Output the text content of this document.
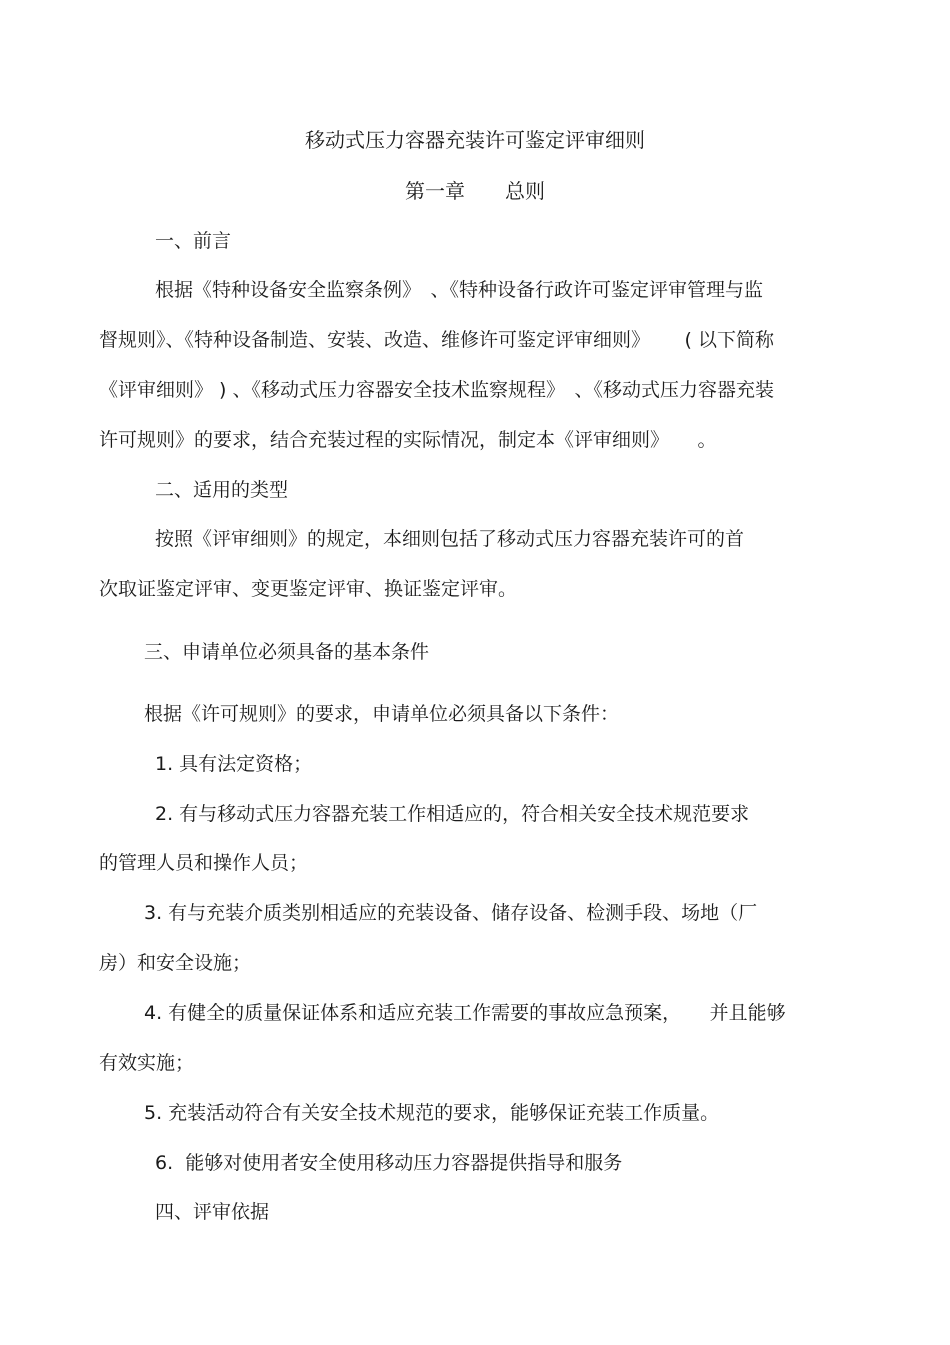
移动式压力容器充装许可鉴定评审细则
第一章　　总则
一、前言
根据《特种设备安全监察条例》　、《特种设备行政许可鉴定评审管理与监
督规则》、《特种设备制造、安装、改造、维修许可鉴定评审细则》　　 ( 以下简称
《评审细则》 ) 、《移动式压力容器安全技术监察规程》　、《移动式压力容器充装
许可规则》的要求，结合充装过程的实际情况，制定本《评审细则》　　。
二、适用的类型
按照《评审细则》的规定，本细则包括了移动式压力容器充装许可的首
次取证鉴定评审、变更鉴定评审、换证鉴定评审。
三、申请单位必须具备的基本条件
根据《许可规则》的要求，申请单位必须具备以下条件：
1. 具有法定资格；
2. 有与移动式压力容器充装工作相适应的，符合相关安全技术规范要求
的管理人员和操作人员；
3. 有与充装介质类别相适应的充装设备、储存设备、检测手段、场地（厂
房）和安全设施；
4. 有健全的质量保证体系和适应充装工作需要的事故应急预案，　　并且能够
有效实施；
5. 充装活动符合有关安全技术规范的要求，能够保证充装工作质量。
6.  能够对使用者安全使用移动压力容器提供指导和服务
四、评审依据
